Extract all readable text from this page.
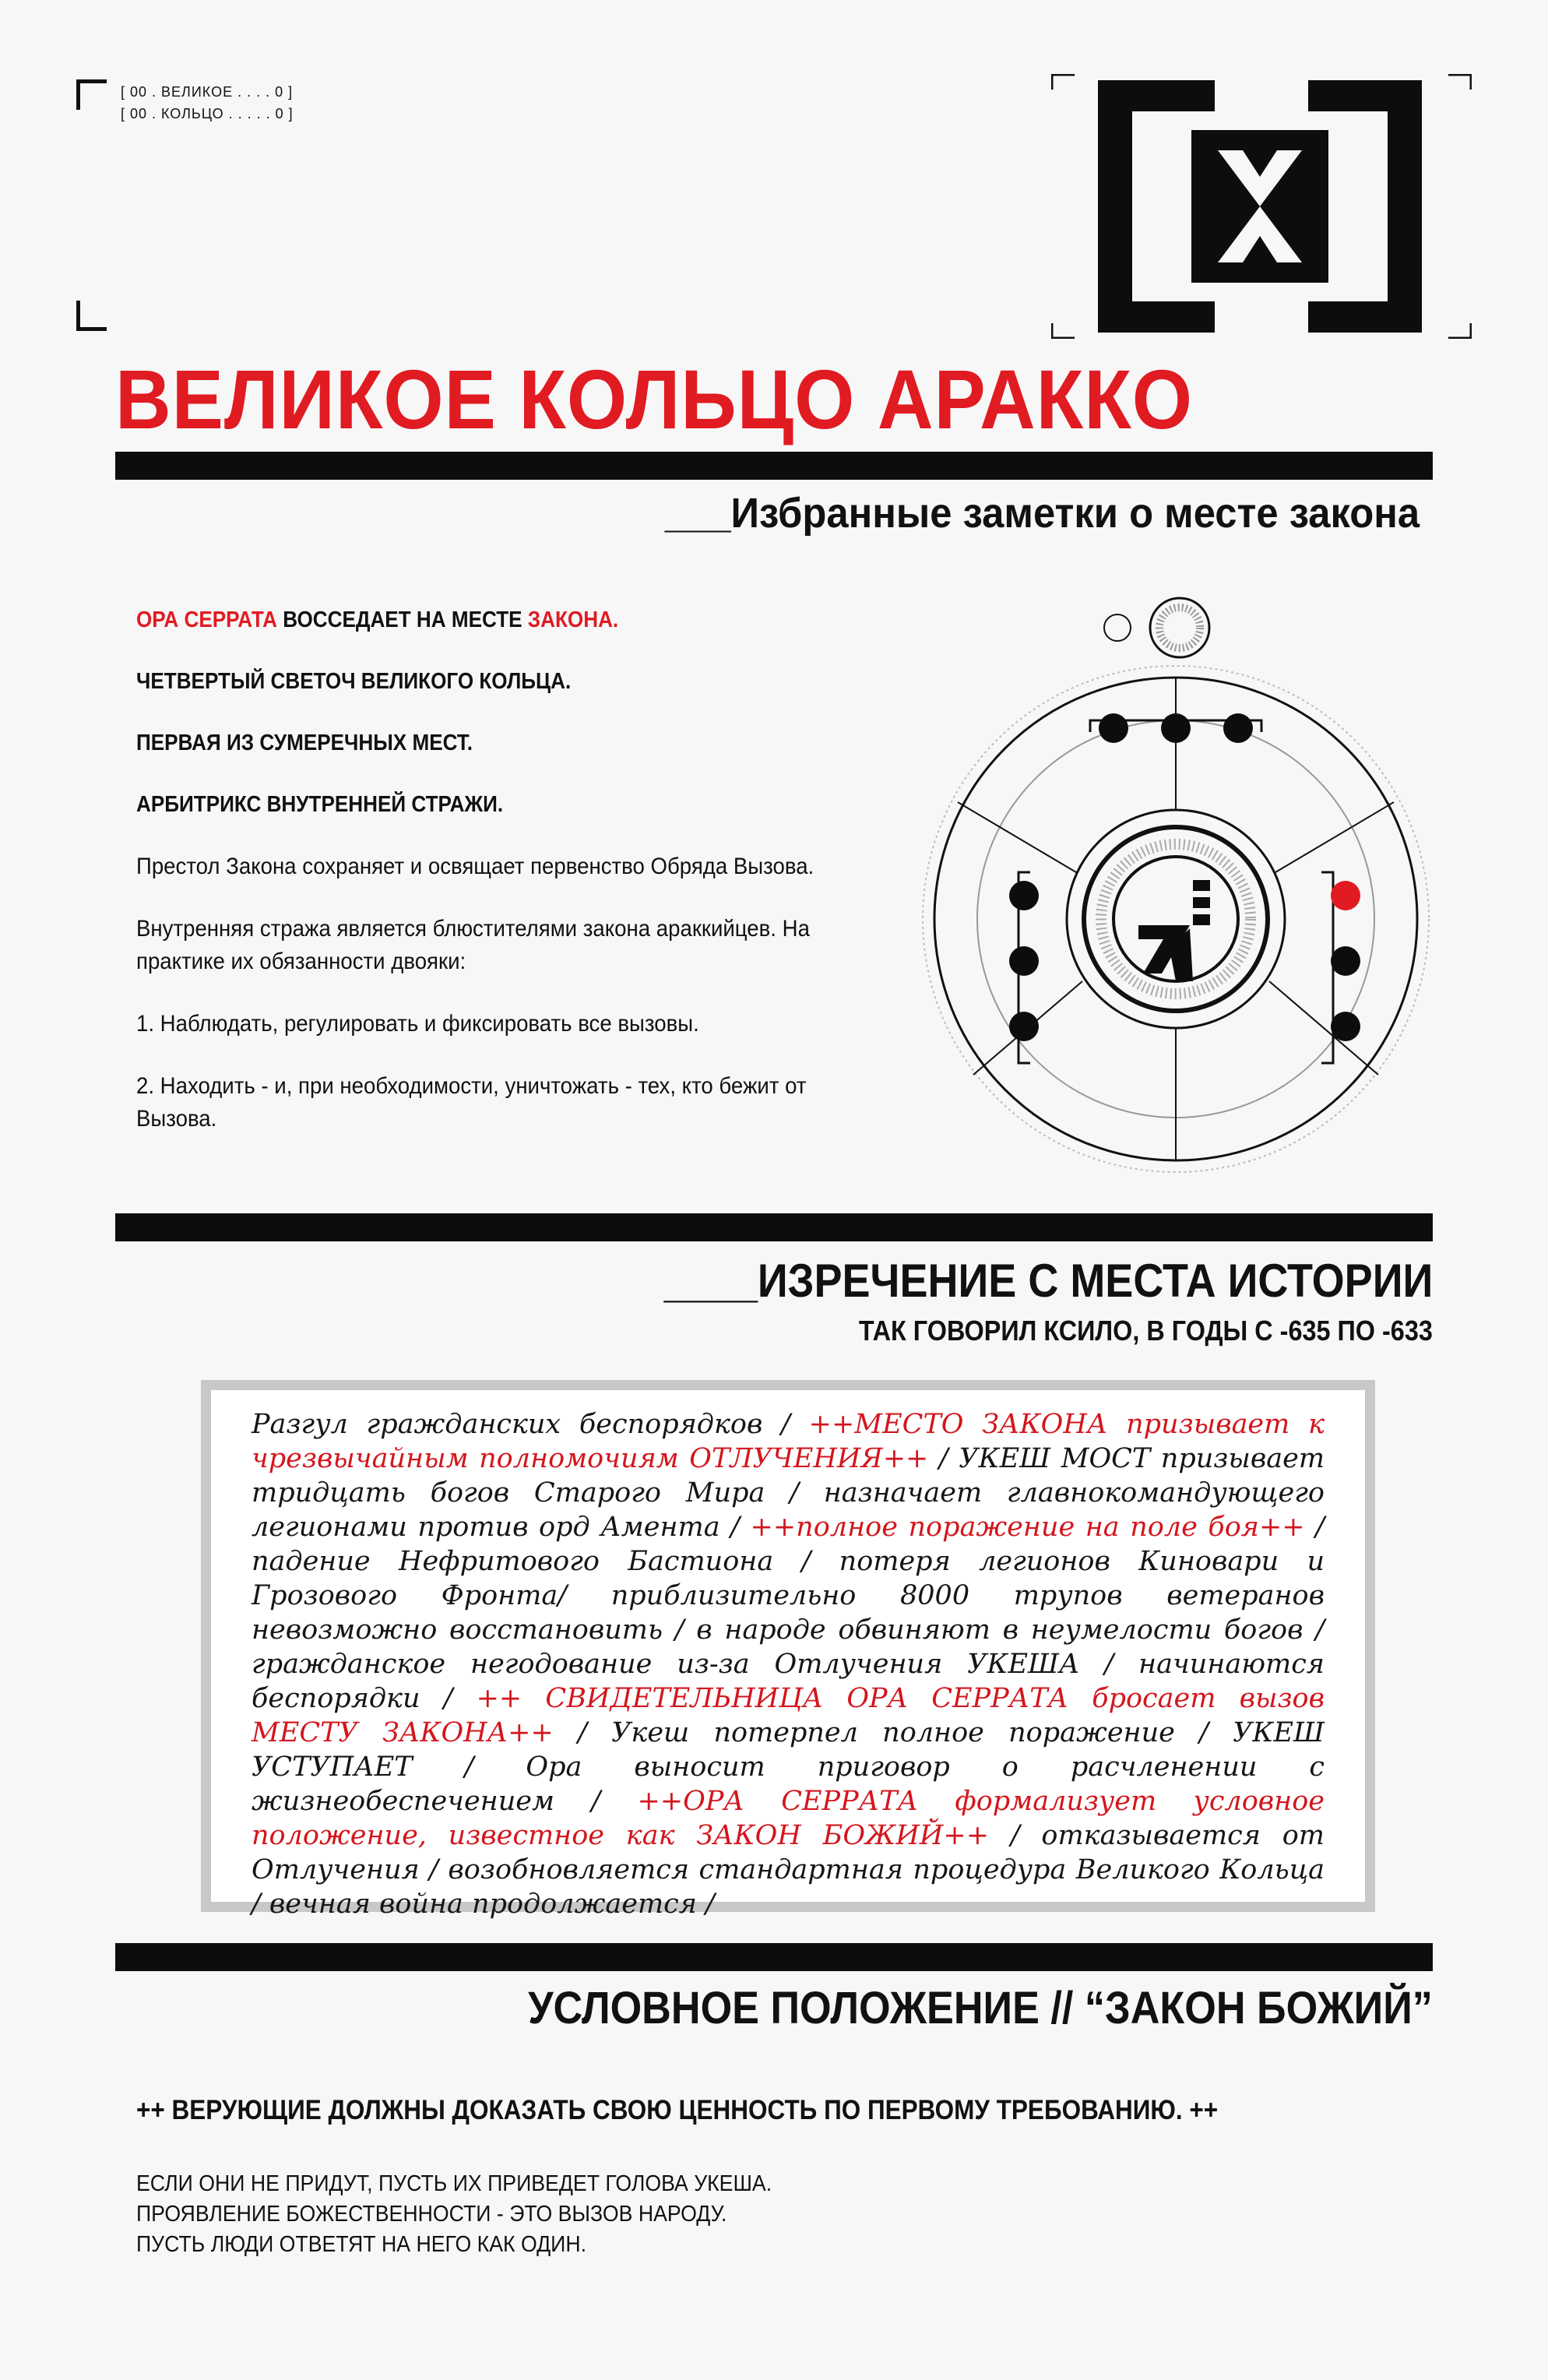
[ 00 . ВЕЛИКОЕ . . . . 0 ]
[ 00 . КОЛЬЦО . . . . . 0 ]
ВЕЛИКОЕ КОЛЬЦО АРАККО
___Избранные заметки о месте закона
ОРА СЕРРАТА ВОССЕДАЕТ НА МЕСТЕ ЗАКОНА.
ЧЕТВЕРТЫЙ СВЕТОЧ ВЕЛИКОГО КОЛЬЦА.
ПЕРВАЯ ИЗ СУМЕРЕЧНЫХ МЕСТ.
АРБИТРИКС ВНУТРЕННЕЙ СТРАЖИ.
Престол Закона сохраняет и освящает первенство Обряда Вызова.
Внутренняя стража является блюстителями закона араккийцев. На практике их обязанности двояки:
1. Наблюдать, регулировать и фиксировать все вызовы.
2. Находить - и, при необходимости, уничтожать - тех, кто бежит от Вызова.
____ИЗРЕЧЕНИЕ С МЕСТА ИСТОРИИ
ТАК ГОВОРИЛ КСИЛО, В ГОДЫ С -635 ПО -633
Разгул гражданских беспорядков / ++МЕСТО ЗАКОНА призывает к чрезвычайным полномочиям ОТЛУЧЕНИЯ++ / УКЕШ МОСТ призывает тридцать богов Старого Мира / назначает главнокомандующего легионами против орд Амента / ++полное поражение на поле боя++ / падение Нефритового Бастиона / потеря легионов Киновари и Грозового Фронта/ приблизительно 8000 трупов ветеранов невозможно восстановить / в народе обвиняют в неумелости богов / гражданское негодование из-за Отлучения УКЕША / начинаются беспорядки / ++ СВИДЕТЕЛЬНИЦА ОРА СЕРРАТА бросает вызов МЕСТУ ЗАКОНА++ / Укеш потерпел полное поражение / УКЕШ УСТУПАЕТ / Ора выносит приговор о расчленении с жизнеобеспечением / ++ОРА СЕРРАТА формализует условное положение, известное как ЗАКОН БОЖИЙ++ / отказывается от Отлучения / возобновляется стандартная процедура Великого Кольца / вечная война продолжается /
УСЛОВНОЕ ПОЛОЖЕНИЕ // “ЗАКОН БОЖИЙ”
++ ВЕРУЮЩИЕ ДОЛЖНЫ ДОКАЗАТЬ СВОЮ ЦЕННОСТЬ ПО ПЕРВОМУ ТРЕБОВАНИЮ. ++
ЕСЛИ ОНИ НЕ ПРИДУТ, ПУСТЬ ИХ ПРИВЕДЕТ ГОЛОВА УКЕША.
ПРОЯВЛЕНИЕ БОЖЕСТВЕННОСТИ - ЭТО ВЫЗОВ НАРОДУ.
ПУСТЬ ЛЮДИ ОТВЕТЯТ НА НЕГО КАК ОДИН.
